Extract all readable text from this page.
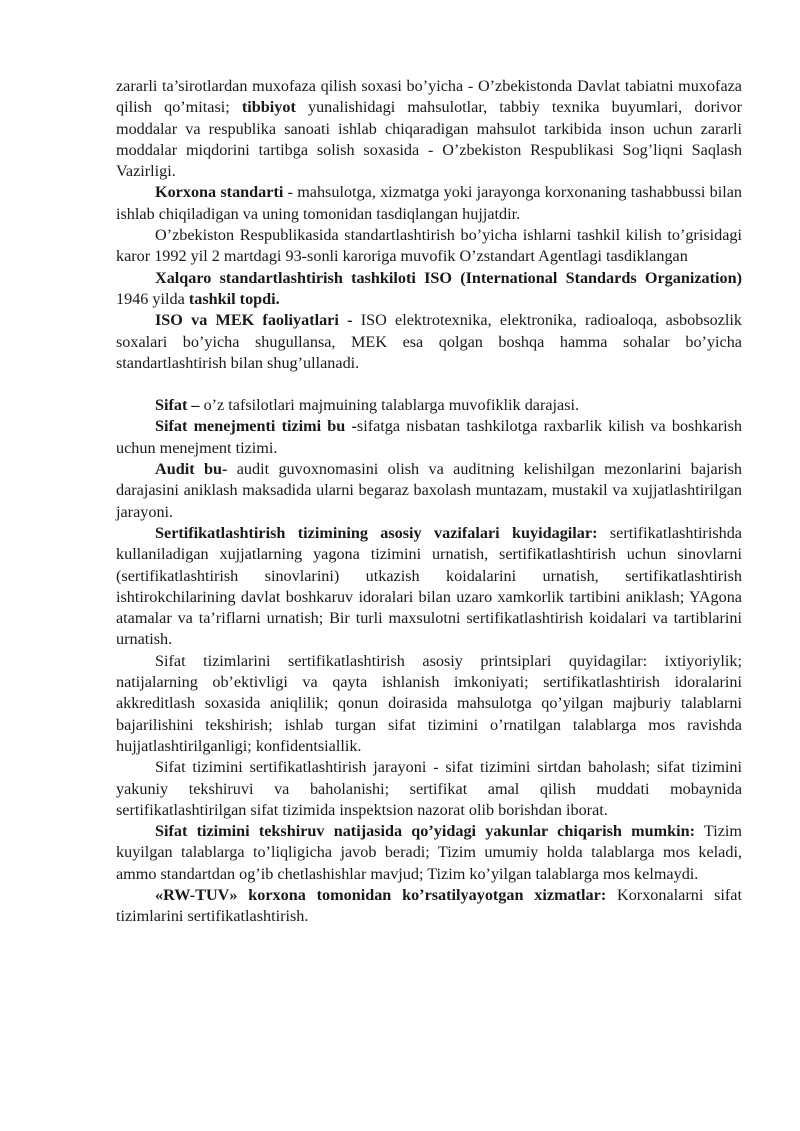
zararli ta’sirotlardan muxofaza qilish soxasi bo’yicha - O’zbekistonda Davlat tabiatni muxofaza qilish qo’mitasi; tibbiyot yunalishidagi mahsulotlar, tabbiy texnika buyumlari, dorivor moddalar va respublika sanoati ishlab chiqaradigan mahsulot tarkibida inson uchun zararli moddalar miqdorini tartibga solish soxasida - O’zbekiston Respublikasi Sog’liqni Saqlash Vazirligi.

Korxona standarti - mahsulotga, xizmatga yoki jarayonga korxonaning tashabbussi bilan ishlab chiqiladigan va uning tomonidan tasdiqlangan hujjatdir.

O’zbekiston Respublikasida standartlashtirish bo’yicha ishlarni tashkil kilish to’grisidagi karor 1992 yil 2 martdagi 93-sonli karoriga muvofik O’zstandart Agentlagi tasdiklangan

Xalqaro standartlashtirish tashkiloti ISO (International Standards Organization) 1946 yilda tashkil topdi.

ISO va MEK faoliyatlari - ISO elektrotexnika, elektronika, radioaloqa, asbobsozlik soxalari bo’yicha shugullansa, MEK esa qolgan boshqa hamma sohalar bo’yicha standartlashtirish bilan shug’ullanadi.

Sifat – o’z tafsilotlari majmuining talablarga muvofiklik darajasi.

Sifat menejmenti tizimi bu -sifatga nisbatan tashkilotga raxbarlik kilish va boshkarish uchun menejment tizimi.

Audit bu- audit guvoxnomasini olish va auditning kelishilgan mezonlarini bajarish darajasini aniklash maksadida ularni begaraz baxolash muntazam, mustakil va xujjatlashtirilgan jarayoni.

Sertifikatlashtirish tizimining asosiy vazifalari kuyidagilar: sertifikatlashtirishda kullaniladigan xujjatlarning yagona tizimini urnatish, sertifikatlashtirish uchun sinovlarni (sertifikatlashtirish sinovlarini) utkazish koidalarini urnatish, sertifikatlashtirish ishtirokchilarining davlat boshkaruv idoralari bilan uzaro xamkorlik tartibini aniklash; YAgona atamalar va ta’riflarni urnatish; Bir turli maxsulotni sertifikatlashtirish koidalari va tartiblarini urnatish.

Sifat tizimlarini sertifikatlashtirish asosiy printsiplari quyidagilar: ixtiyoriylik; natijalarning ob’ektivligi va qayta ishlanish imkoniyati; sertifikatlashtirish idoralarini akkreditlash soxasida aniqlilik; qonun doirasida mahsulotga qo’yilgan majburiy talablarni bajarilishini tekshirish; ishlab turgan sifat tizimini o’rnatilgan talablarga mos ravishda hujjatlashtirilganligi; konfidentsiallik.

Sifat tizimini sertifikatlashtirish jarayoni - sifat tizimini sirtdan baholash; sifat tizimini yakuniy tekshiruvi va baholanishi; sertifikat amal qilish muddati mobaynida sertifikatlashtirilgan sifat tizimida inspektsion nazorat olib borishdan iborat.

Sifat tizimini tekshiruv natijasida qo’yidagi yakunlar chiqarish mumkin: Tizim kuyilgan talablarga to’liqligicha javob beradi; Tizim umumiy holda talablarga mos keladi, ammo standartdan og’ib chetlashishlar mavjud; Tizim ko’yilgan talablarga mos kelmaydi.

«RW-TUV» korxona tomonidan ko’rsatilyayotgan xizmatlar: Korxonalarni sifat tizimlarini sertifikatlashtirish.
